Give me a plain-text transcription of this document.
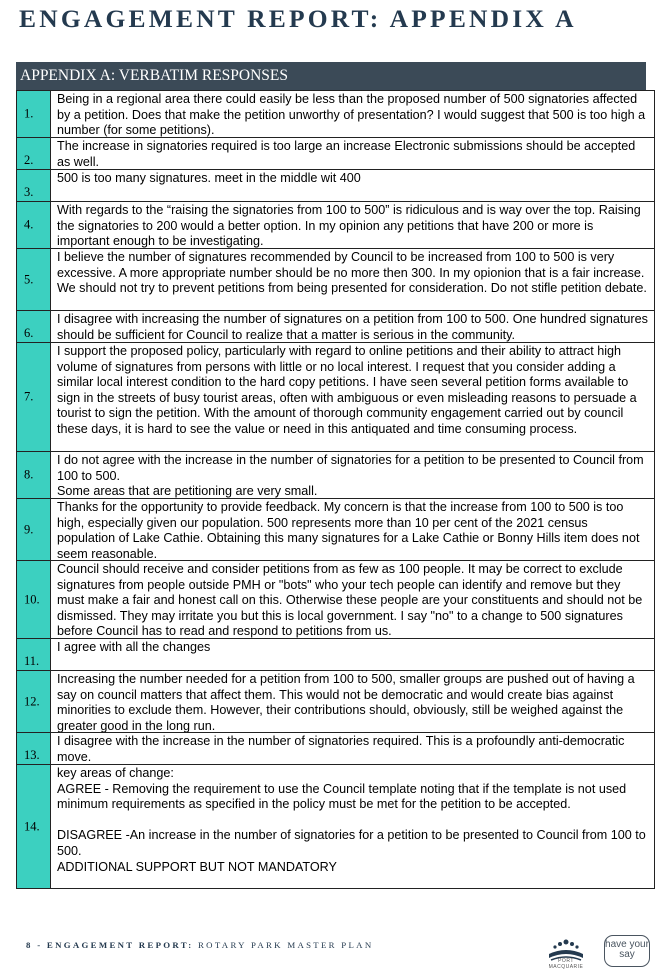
ENGAGEMENT REPORT: APPENDIX A
APPENDIX A: VERBATIM RESPONSES
1.

Being in a regional area there could easily be less than the proposed number of 500 signatories affected by a petition. Does that make the petition unworthy of presentation? I would suggest that 500 is too high a number (for some petitions).

2.

The increase in signatories required is too large an increase Electronic submissions should be accepted as well.

3.

500 is too many signatures. meet in the middle wit 400

4.

With regards to the “raising the signatories from 100 to 500” is ridiculous and is way over the top. Raising the signatories to 200 would a better option. In my opinion any petitions that have 200 or more is important enough to be investigating.

5.

I believe the number of signatures recommended by Council to be increased from 100 to 500 is very excessive. A more appropriate number should be no more then 300. In my opionion that is a fair increase. We should not try to prevent petitions from being presented for consideration. Do not stifle petition debate.

6.

I disagree with increasing the number of signatures on a petition from 100 to 500. One hundred signatures should be sufficient for Council to realize that a matter is serious in the community.

7.

I support the proposed policy, particularly with regard to online petitions and their ability to attract high volume of signatures from persons with little or no local interest. I request that you consider adding a similar local interest condition to the hard copy petitions. I have seen several petition forms available to sign in the streets of busy tourist areas, often with ambiguous or even misleading reasons to persuade a tourist to sign the petition. With the amount of thorough community engagement carried out by council these days, it is hard to see the value or need in this antiquated and time consuming process.

8.

I do not agree with the increase in the number of signatories for a petition to be presented to Council from 100 to 500.

Some areas that are petitioning are very small.

9.

Thanks for the opportunity to provide feedback. My concern is that the increase from 100 to 500 is too high, especially given our population. 500 represents more than 10 per cent of the 2021 census population of Lake Cathie. Obtaining this many signatures for a Lake Cathie or Bonny Hills item does not seem reasonable.

10.

Council should receive and consider petitions from as few as 100 people. It may be correct to exclude signatures from people outside PMH or "bots" who your tech people can identify and remove but they must make a fair and honest call on this. Otherwise these people are your constituents and should not be dismissed. They may irritate you but this is local government. I say "no" to a change to 500 signatures before Council has to read and respond to petitions from us.

11.

I agree with all the changes

12.

Increasing the number needed for a petition from 100 to 500, smaller groups are pushed out of having a say on council matters that affect them. This would not be democratic and would create bias against minorities to exclude them. However, their contributions should, obviously, still be weighed against the greater good in the long run.

13.

I disagree with the increase in the number of signatories required. This is a profoundly anti-democratic move.

14.

key areas of change:

AGREE - Removing the requirement to use the Council template noting that if the template is not used minimum requirements as specified in the policy must be met for the petition to be accepted.

DISAGREE -An increase in the number of signatories for a petition to be presented to Council from 100 to 500.

ADDITIONAL SUPPORT BUT NOT MANDATORY

8 - ENGAGEMENT REPORT: ROTARY PARK MASTER PLAN
PORT MACQUARIE
have your say
